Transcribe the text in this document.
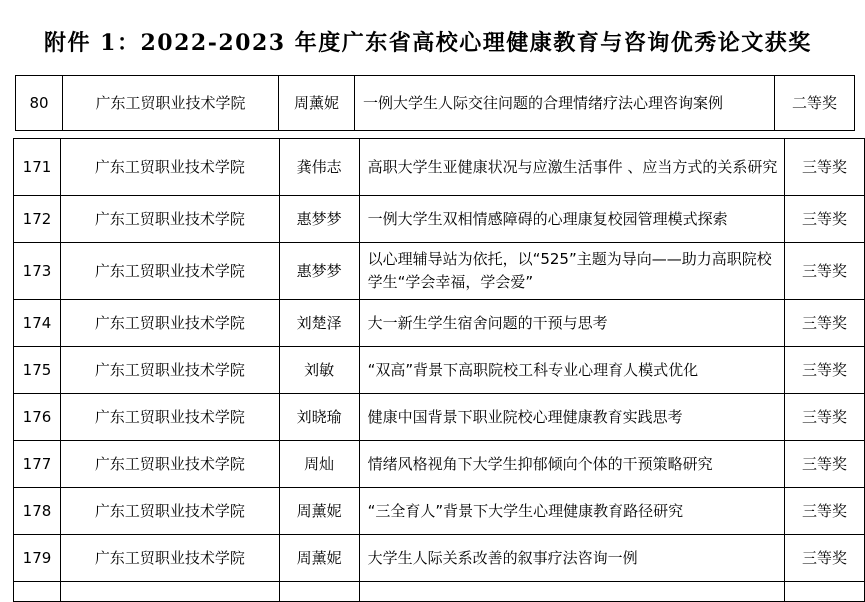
附件 1：2022-2023 年度广东省高校心理健康教育与咨询优秀论文获奖
80	广东工贸职业技术学院	周薰妮	一例大学生人际交往问题的合理情绪疗法心理咨询案例	二等奖
171	广东工贸职业技术学院	龚伟志	高职大学生亚健康状况与应激生活事件 、应当方式的关系研究	三等奖
172	广东工贸职业技术学院	惠梦梦	一例大学生双相情感障碍的心理康复校园管理模式探索	三等奖
173	广东工贸职业技术学院	惠梦梦	以心理辅导站为依托，以“525”主题为导向——助力高职院校学生“学会幸福，学会爱”	三等奖
174	广东工贸职业技术学院	刘楚泽	大一新生学生宿舍问题的干预与思考	三等奖
175	广东工贸职业技术学院	刘敏	“双高”背景下高职院校工科专业心理育人模式优化	三等奖
176	广东工贸职业技术学院	刘晓瑜	健康中国背景下职业院校心理健康教育实践思考	三等奖
177	广东工贸职业技术学院	周灿	情绪风格视角下大学生抑郁倾向个体的干预策略研究	三等奖
178	广东工贸职业技术学院	周薰妮	“三全育人”背景下大学生心理健康教育路径研究	三等奖
179	广东工贸职业技术学院	周薰妮	大学生人际关系改善的叙事疗法咨询一例	三等奖
